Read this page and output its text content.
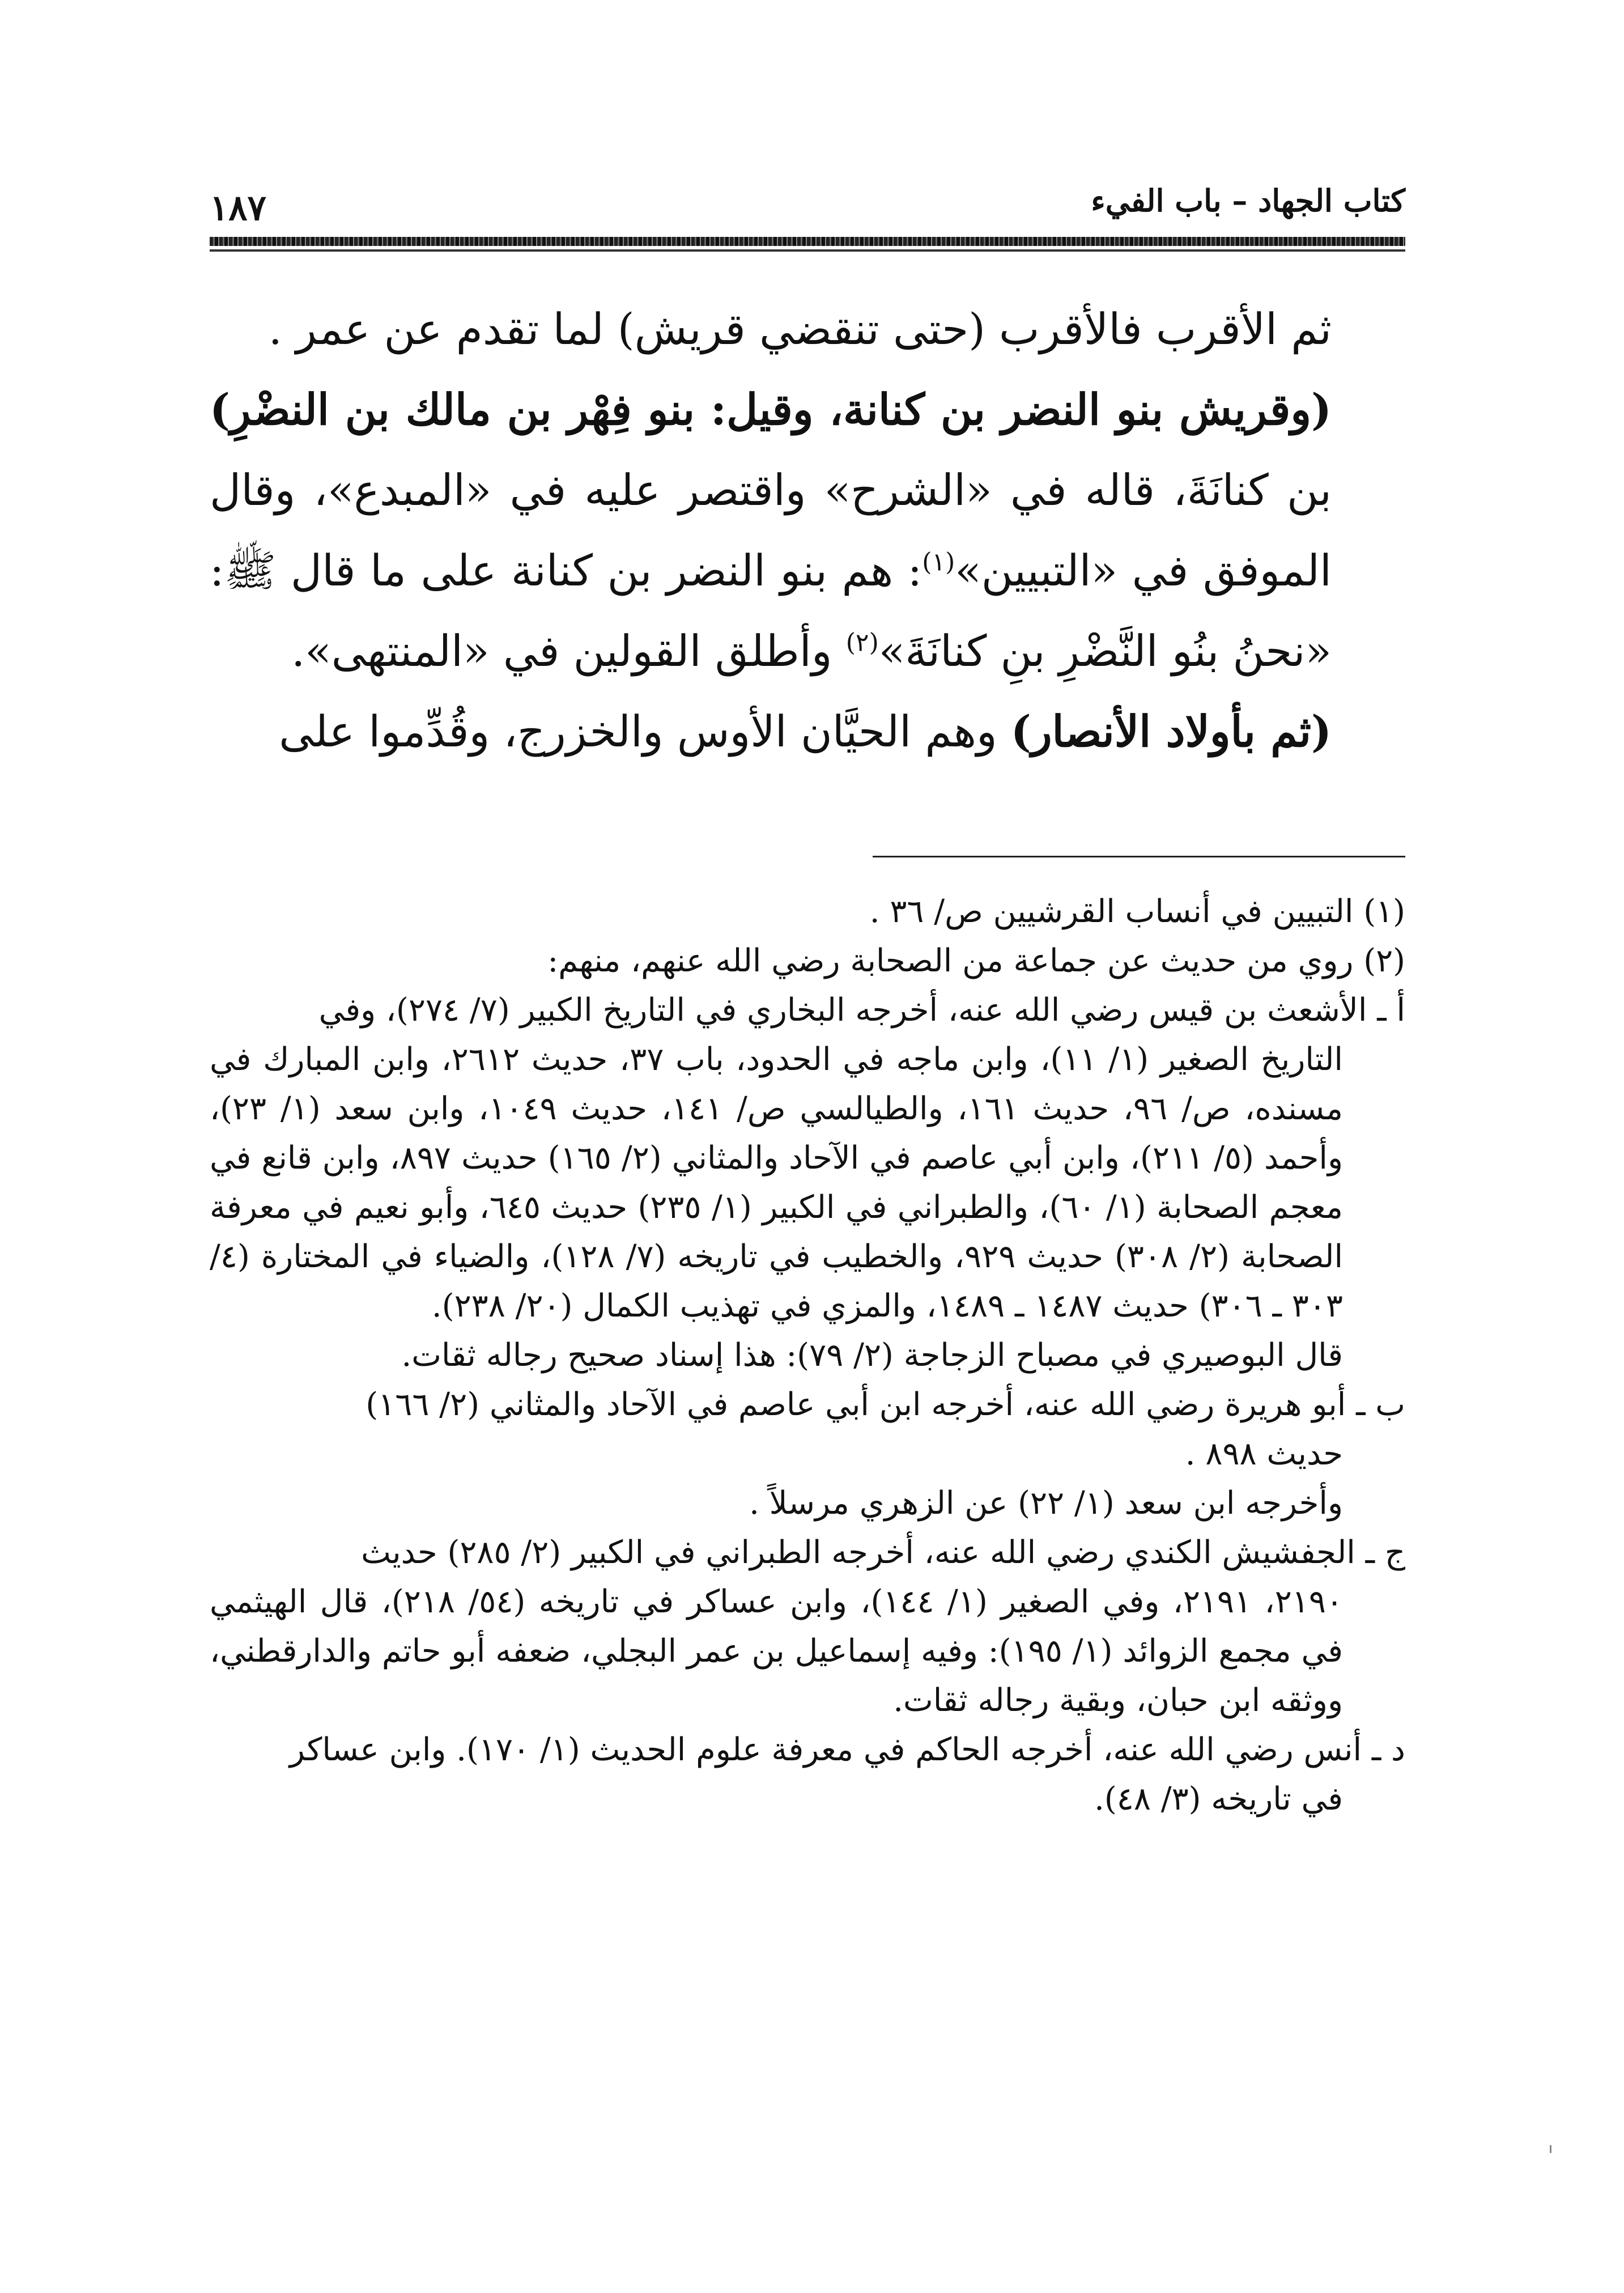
كتاب الجهاد – باب الفيء
١٨٧

ثم الأقرب فالأقرب (حتى تنقضي قريش) لما تقدم عن عمر .

(وقريش بنو النضر بن كنانة، وقيل: بنو فِهْر بن مالك بن النضْرِ) بن كنانَةَ، قاله في «الشرح» واقتصر عليه في «المبدع»، وقال الموفق في «التبيين»$^{(١)}$: هم بنو النضر بن كنانة على ما قال ﷺ: «نحنُ بنُو النَّضْرِ بنِ كنانَةَ»$^{(٢)}$ وأطلق القولين في «المنتهى».

(ثم بأولاد الأنصار) وهم الحيَّان الأوس والخزرج، وقُدِّموا على

(١) التبيين في أنساب القرشيين ص/ ٣٦ .

(٢) روي من حديث عن جماعة من الصحابة رضي الله عنهم، منهم:

أ ـ الأشعث بن قيس رضي الله عنه، أخرجه البخاري في التاريخ الكبير (٧/ ٢٧٤)، وفي

التاريخ الصغير (١/ ١١)، وابن ماجه في الحدود، باب ٣٧، حديث ٢٦١٢، وابن المبارك في مسنده، ص/ ٩٦، حديث ١٦١، والطيالسي ص/ ١٤١، حديث ١٠٤٩، وابن سعد (١/ ٢٣)، وأحمد (٥/ ٢١١)، وابن أبي عاصم في الآحاد والمثاني (٢/ ١٦٥) حديث ٨٩٧، وابن قانع في معجم الصحابة (١/ ٦٠)، والطبراني في الكبير (١/ ٢٣٥) حديث ٦٤٥، وأبو نعيم في معرفة الصحابة (٢/ ٣٠٨) حديث ٩٢٩، والخطيب في تاريخه (٧/ ١٢٨)، والضياء في المختارة (٤/ ٣٠٣ ـ ٣٠٦) حديث ١٤٨٧ ـ ١٤٨٩، والمزي في تهذيب الكمال (٢٠/ ٢٣٨).

قال البوصيري في مصباح الزجاجة (٢/ ٧٩): هذا إسناد صحيح رجاله ثقات.

ب ـ أبو هريرة رضي الله عنه، أخرجه ابن أبي عاصم في الآحاد والمثاني (٢/ ١٦٦)

حديث ٨٩٨ .

وأخرجه ابن سعد (١/ ٢٢) عن الزهري مرسلاً .

ج ـ الجفشيش الكندي رضي الله عنه، أخرجه الطبراني في الكبير (٢/ ٢٨٥) حديث

٢١٩٠، ٢١٩١، وفي الصغير (١/ ١٤٤)، وابن عساكر في تاريخه (٥٤/ ٢١٨)، قال الهيثمي في مجمع الزوائد (١/ ١٩٥): وفيه إسماعيل بن عمر البجلي، ضعفه أبو حاتم والدارقطني، ووثقه ابن حبان، وبقية رجاله ثقات.

د ـ أنس رضي الله عنه، أخرجه الحاكم في معرفة علوم الحديث (١/ ١٧٠). وابن عساكر

في تاريخه (٣/ ٤٨).
